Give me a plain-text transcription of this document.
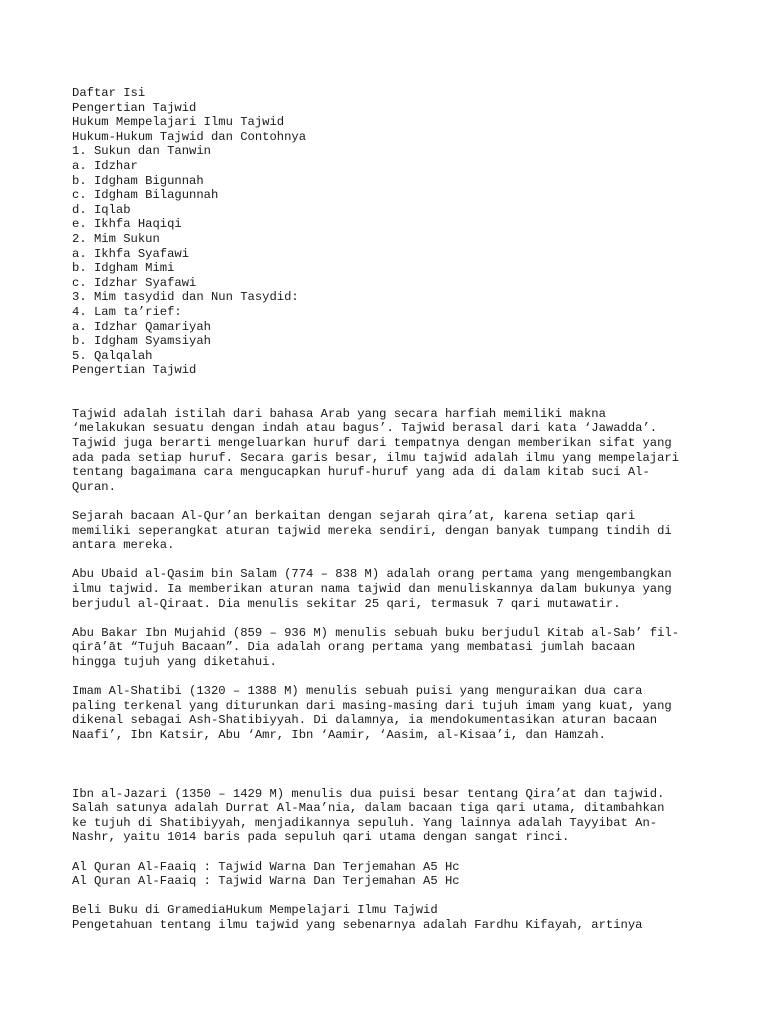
Daftar Isi
Pengertian Tajwid
Hukum Mempelajari Ilmu Tajwid
Hukum-Hukum Tajwid dan Contohnya
1. Sukun dan Tanwin
a. Idzhar
b. Idgham Bigunnah
c. Idgham Bilagunnah
d. Iqlab
e. Ikhfa Haqiqi
2. Mim Sukun
a. Ikhfa Syafawi
b. Idgham Mimi
c. Idzhar Syafawi
3. Mim tasydid dan Nun Tasydid:
4. Lam ta’rief:
a. Idzhar Qamariyah
b. Idgham Syamsiyah
5. Qalqalah
Pengertian Tajwid
Tajwid adalah istilah dari bahasa Arab yang secara harfiah memiliki makna
‘melakukan sesuatu dengan indah atau bagus’. Tajwid berasal dari kata ‘Jawadda’.
Tajwid juga berarti mengeluarkan huruf dari tempatnya dengan memberikan sifat yang
ada pada setiap huruf. Secara garis besar, ilmu tajwid adalah ilmu yang mempelajari
tentang bagaimana cara mengucapkan huruf-huruf yang ada di dalam kitab suci Al-
Quran.
Sejarah bacaan Al-Qur’an berkaitan dengan sejarah qira’at, karena setiap qari
memiliki seperangkat aturan tajwid mereka sendiri, dengan banyak tumpang tindih di
antara mereka.
Abu Ubaid al-Qasim bin Salam (774 – 838 M) adalah orang pertama yang mengembangkan
ilmu tajwid. Ia memberikan aturan nama tajwid dan menuliskannya dalam bukunya yang
berjudul al-Qiraat. Dia menulis sekitar 25 qari, termasuk 7 qari mutawatir.
Abu Bakar Ibn Mujahid (859 – 936 M) menulis sebuah buku berjudul Kitab al-Sab’ fil-
qirā’āt “Tujuh Bacaan”. Dia adalah orang pertama yang membatasi jumlah bacaan
hingga tujuh yang diketahui.
Imam Al-Shatibi (1320 – 1388 M) menulis sebuah puisi yang menguraikan dua cara
paling terkenal yang diturunkan dari masing-masing dari tujuh imam yang kuat, yang
dikenal sebagai Ash-Shatibiyyah. Di dalamnya, ia mendokumentasikan aturan bacaan
Naafi’, Ibn Katsir, Abu ‘Amr, Ibn ‘Aamir, ‘Aasim, al-Kisaa’i, dan Hamzah.
Ibn al-Jazari (1350 – 1429 M) menulis dua puisi besar tentang Qira’at dan tajwid.
Salah satunya adalah Durrat Al-Maa’nia, dalam bacaan tiga qari utama, ditambahkan
ke tujuh di Shatibiyyah, menjadikannya sepuluh. Yang lainnya adalah Tayyibat An-
Nashr, yaitu 1014 baris pada sepuluh qari utama dengan sangat rinci.
Al Quran Al-Faaiq : Tajwid Warna Dan Terjemahan A5 Hc
Al Quran Al-Faaiq : Tajwid Warna Dan Terjemahan A5 Hc
Beli Buku di GramediaHukum Mempelajari Ilmu Tajwid
Pengetahuan tentang ilmu tajwid yang sebenarnya adalah Fardhu Kifayah, artinya
